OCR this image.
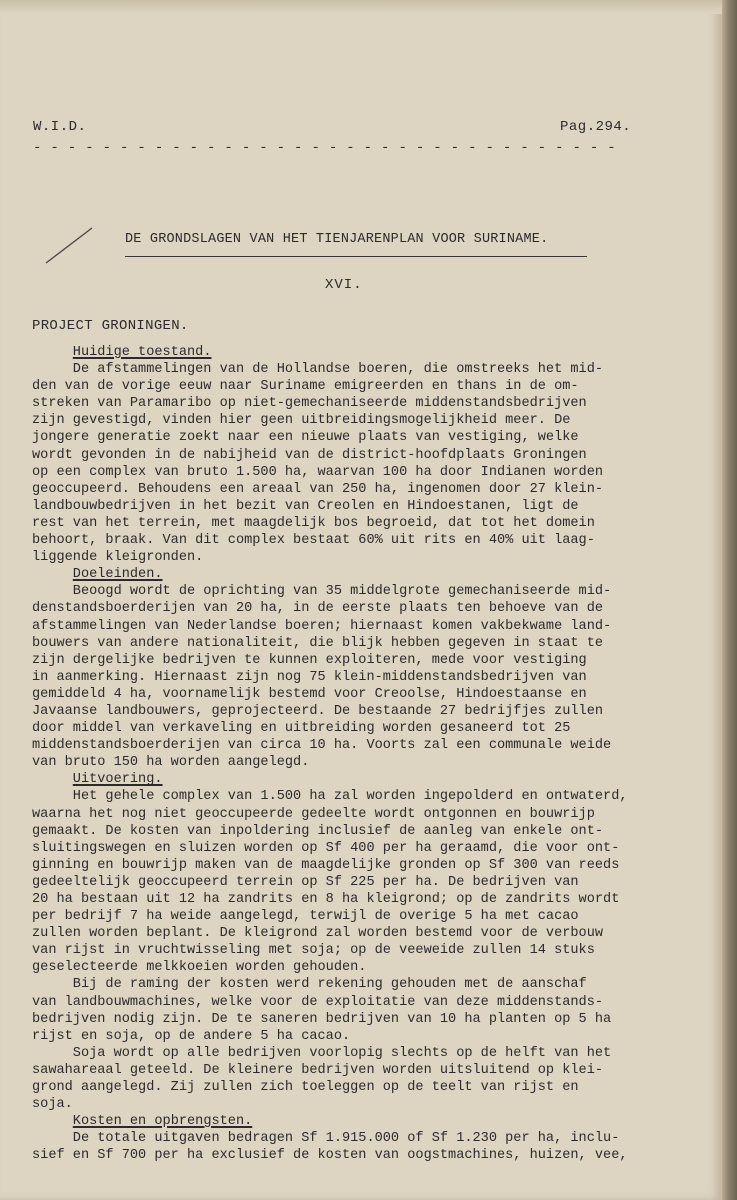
W.I.D.	Pag.294.
- - - - - - - - - - - - - - - - - - - - - - - - - - - - - - - - - -
DE GRONDSLAGEN VAN HET TIENJARENPLAN VOOR SURINAME.
XVI.
PROJECT GRONINGEN.
Huidige toestand.
De afstammelingen van de Hollandse boeren, die omstreeks het mid-
den van de vorige eeuw naar Suriname emigreerden en thans in de om-
streken van Paramaribo op niet-gemechaniseerde middenstandsbedrijven
zijn gevestigd, vinden hier geen uitbreidingsmogelijkheid meer. De
jongere generatie zoekt naar een nieuwe plaats van vestiging, welke
wordt gevonden in de nabijheid van de district-hoofdplaats Groningen
op een complex van bruto 1.500 ha, waarvan 100 ha door Indianen worden
geoccupeerd. Behoudens een areaal van 250 ha, ingenomen door 27 klein-
landbouwbedrijven in het bezit van Creolen en Hindoestanen, ligt de
rest van het terrein, met maagdelijk bos begroeid, dat tot het domein
behoort, braak. Van dit complex bestaat 60% uit rits en 40% uit laag-
liggende kleigronden.
Doeleinden.
Beoogd wordt de oprichting van 35 middelgrote gemechaniseerde mid-
denstandsboerderijen van 20 ha, in de eerste plaats ten behoeve van de
afstammelingen van Nederlandse boeren; hiernaast komen vakbekwame land-
bouwers van andere nationaliteit, die blijk hebben gegeven in staat te
zijn dergelijke bedrijven te kunnen exploiteren, mede voor vestiging
in aanmerking. Hiernaast zijn nog 75 klein-middenstandsbedrijven van
gemiddeld 4 ha, voornamelijk bestemd voor Creoolse, Hindoestaanse en
Javaanse landbouwers, geprojecteerd. De bestaande 27 bedrijfjes zullen
door middel van verkaveling en uitbreiding worden gesaneerd tot 25
middenstandsboerderijen van circa 10 ha. Voorts zal een communale weide
van bruto 150 ha worden aangelegd.
Uitvoering.
Het gehele complex van 1.500 ha zal worden ingepolderd en ontwaterd,
waarna het nog niet geoccupeerde gedeelte wordt ontgonnen en bouwrijp
gemaakt. De kosten van inpoldering inclusief de aanleg van enkele ont-
sluitingswegen en sluizen worden op Sf 400 per ha geraamd, die voor ont-
ginning en bouwrijp maken van de maagdelijke gronden op Sf 300 van reeds
gedeeltelijk geoccupeerd terrein op Sf 225 per ha. De bedrijven van
20 ha bestaan uit 12 ha zandrits en 8 ha kleigrond; op de zandrits wordt
per bedrijf 7 ha weide aangelegd, terwijl de overige 5 ha met cacao
zullen worden beplant. De kleigrond zal worden bestemd voor de verbouw
van rijst in vruchtwisseling met soja; op de veeweide zullen 14 stuks
geselecteerde melkkoeien worden gehouden.
Bij de raming der kosten werd rekening gehouden met de aanschaf
van landbouwmachines, welke voor de exploitatie van deze middenstands-
bedrijven nodig zijn. De te saneren bedrijven van 10 ha planten op 5 ha
rijst en soja, op de andere 5 ha cacao.
Soja wordt op alle bedrijven voorlopig slechts op de helft van het
sawahareaal geteeld. De kleinere bedrijven worden uitsluitend op klei-
grond aangelegd. Zij zullen zich toeleggen op de teelt van rijst en
soja.
Kosten en opbrengsten.
De totale uitgaven bedragen Sf 1.915.000 of Sf 1.230 per ha, inclu-
sief en Sf 700 per ha exclusief de kosten van oogstmachines, huizen, vee,
